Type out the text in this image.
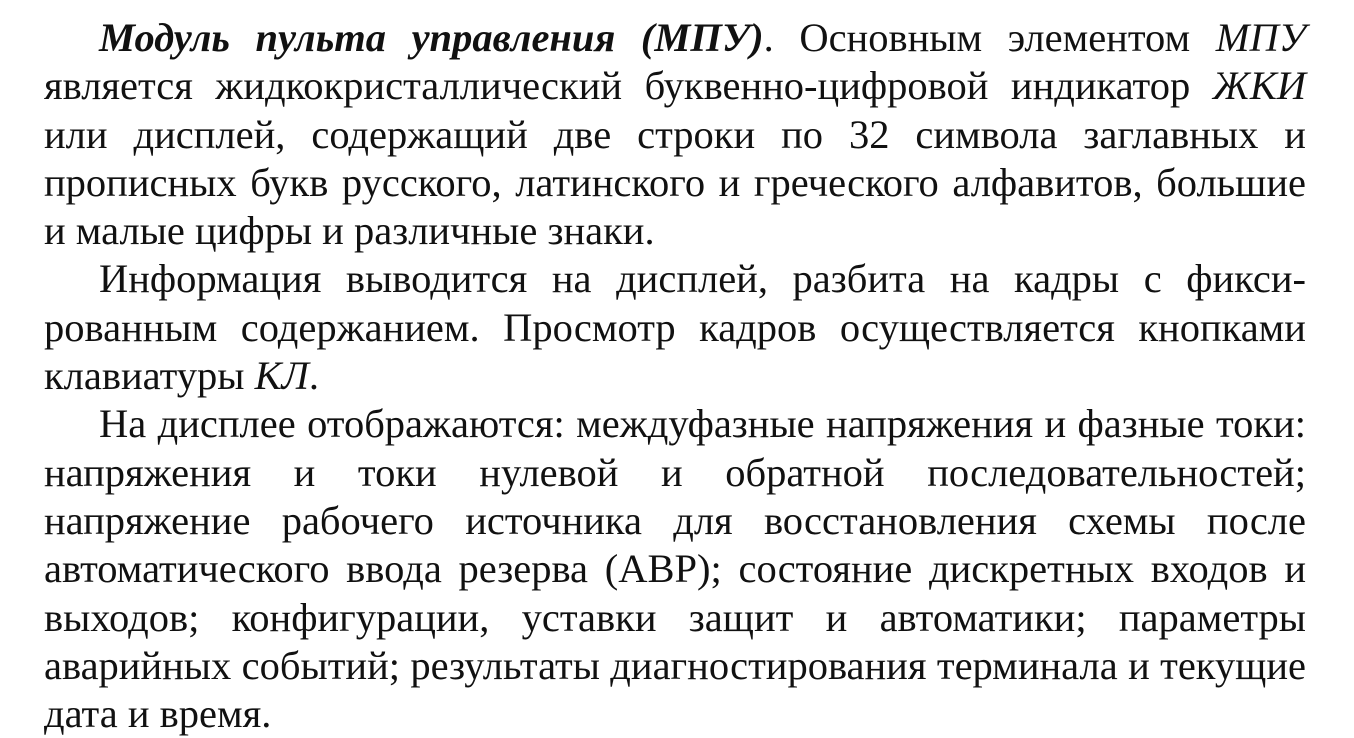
Модуль пульта управления (МПУ). Основным элементом МПУ является жидкокристаллический буквенно-цифровой индикатор ЖКИ или дисплей, содержащий две строки по 32 символа заглавных и прописных букв русского, латинского и греческого алфавитов, большие и малые цифры и различные знаки.

Информация выводится на дисплей, разбита на кадры с фиксированным содержанием. Просмотр кадров осуществляется кнопками клавиатуры КЛ.

На дисплее отображаются: междуфазные напряжения и фазные токи: напряжения и токи нулевой и обратной последовательностей; напряжение рабочего источника для восстановления схемы после автоматического ввода резерва (АВР); состояние дискретных входов и выходов; конфигурации, уставки защит и автоматики; параметры аварийных событий; результаты диагностирования терминала и текущие дата и время.
